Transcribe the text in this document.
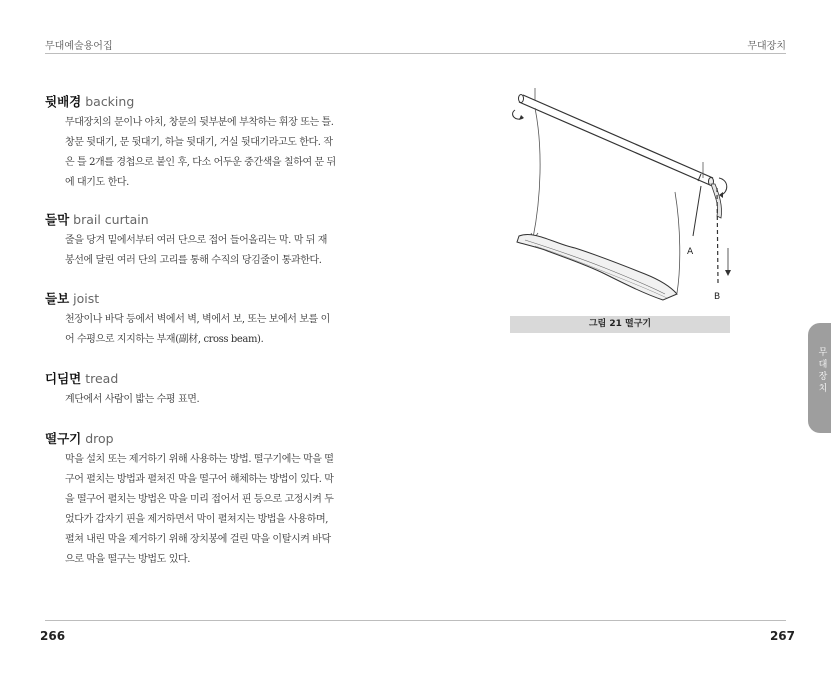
무대예술용어집	무대장치
뒷배경 backing
무대장치의 문이나 아치, 창문의 뒷부분에 부착하는 휘장 또는 틀.
창문 뒷대기, 문 뒷대기, 하늘 뒷대기, 거실 뒷대기라고도 한다. 작
은 틀 2개를 경첩으로 붙인 후, 다소 어두운 중간색을 칠하여 문 뒤
에 대기도 한다.
들막 brail curtain
줄을 당겨 밑에서부터 여러 단으로 접어 들어올리는 막. 막 뒤 재
봉선에 달린 여러 단의 고리를 통해 수직의 당김줄이 통과한다.
들보 joist
천장이나 바닥 등에서 벽에서 벽, 벽에서 보, 또는 보에서 보를 이
어 수평으로 지지하는 부재(副材, cross beam).
디딤면 tread
계단에서 사람이 밟는 수평 표면.
떨구기 drop
막을 설치 또는 제거하기 위해 사용하는 방법. 떨구기에는 막을 떨
구어 펼치는 방법과 펼쳐진 막을 떨구어 해체하는 방법이 있다. 막
을 떨구어 펼치는 방법은 막을 미리 접어서 핀 등으로 고정시켜 두
었다가 갑자기 핀을 제거하면서 막이 펼쳐지는 방법을 사용하며,
펼쳐 내린 막을 제거하기 위해 장치봉에 걸린 막을 이탈시켜 바닥
으로 막을 떨구는 방법도 있다.
A
B
그림 21 떨구기
무대장치
266	267
